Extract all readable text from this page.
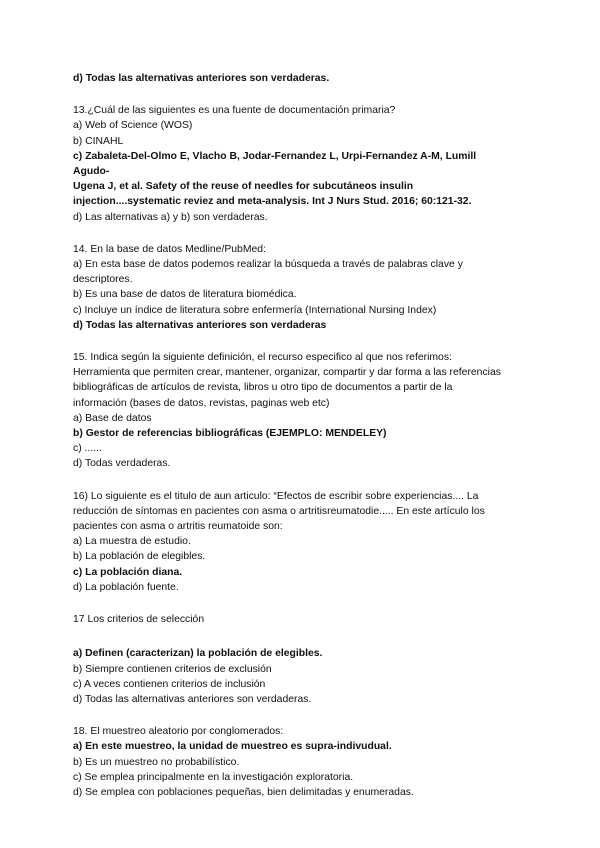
d) Todas las alternativas anteriores son verdaderas.
13.¿Cuál de las siguientes es una fuente de documentación primaria?
a) Web of Science (WOS)
b) CINAHL
c) Zabaleta-Del-Olmo E, Vlacho B, Jodar-Fernandez L, Urpi-Fernandez A-M, Lumill Agudo-
Ugena J, et al. Safety of the reuse of needles for subcutáneos insulin
injection....systematic reviez and meta-analysis. Int J Nurs Stud. 2016; 60:121-32.
d) Las alternativas a) y b) son verdaderas.
14. En la base de datos Medline/PubMed:
a) En esta base de datos podemos realizar la búsqueda a través de palabras clave y
descriptores.
b) Es una base de datos de literatura biomédica.
c) Incluye un índice de literatura sobre enfermería (International Nursing Index)
d) Todas las alternativas anteriores son verdaderas
15. Indica según la siguiente definición, el recurso especifico al que nos referimos:
Herramienta que permiten crear, mantener, organizar, compartir y dar forma a las referencias
bibliográficas de artículos de revista, libros u otro tipo de documentos a partir de la
información (bases de datos, revistas, paginas web etc)
a) Base de datos
b) Gestor de referencias bibliográficas (EJEMPLO: MENDELEY)
c) ......
d) Todas verdaderas.
16) Lo siguiente es el titulo de aun articulo: “Efectos de escribir sobre experiencias.... La
reducción de síntomas en pacientes con asma o artritisreumatodie..... En este artículo los
pacientes con asma o artritis reumatoide son:
a) La muestra de estudio.
b) La población de elegibles.
c) La población diana.
d) La población fuente.
17 Los criterios de selección
a) Definen (caracterizan) la población de elegibles.
b) Siempre contienen criterios de exclusión
c) A veces contienen criterios de inclusión
d) Todas las alternativas anteriores son verdaderas.
18. El muestreo aleatorio por conglomerados:
a) En este muestreo, la unidad de muestreo es supra-indivudual.
b) Es un muestreo no probabilístico.
c) Se emplea principalmente en la investigación exploratoria.
d) Se emplea con poblaciones pequeñas, bien delimitadas y enumeradas.
